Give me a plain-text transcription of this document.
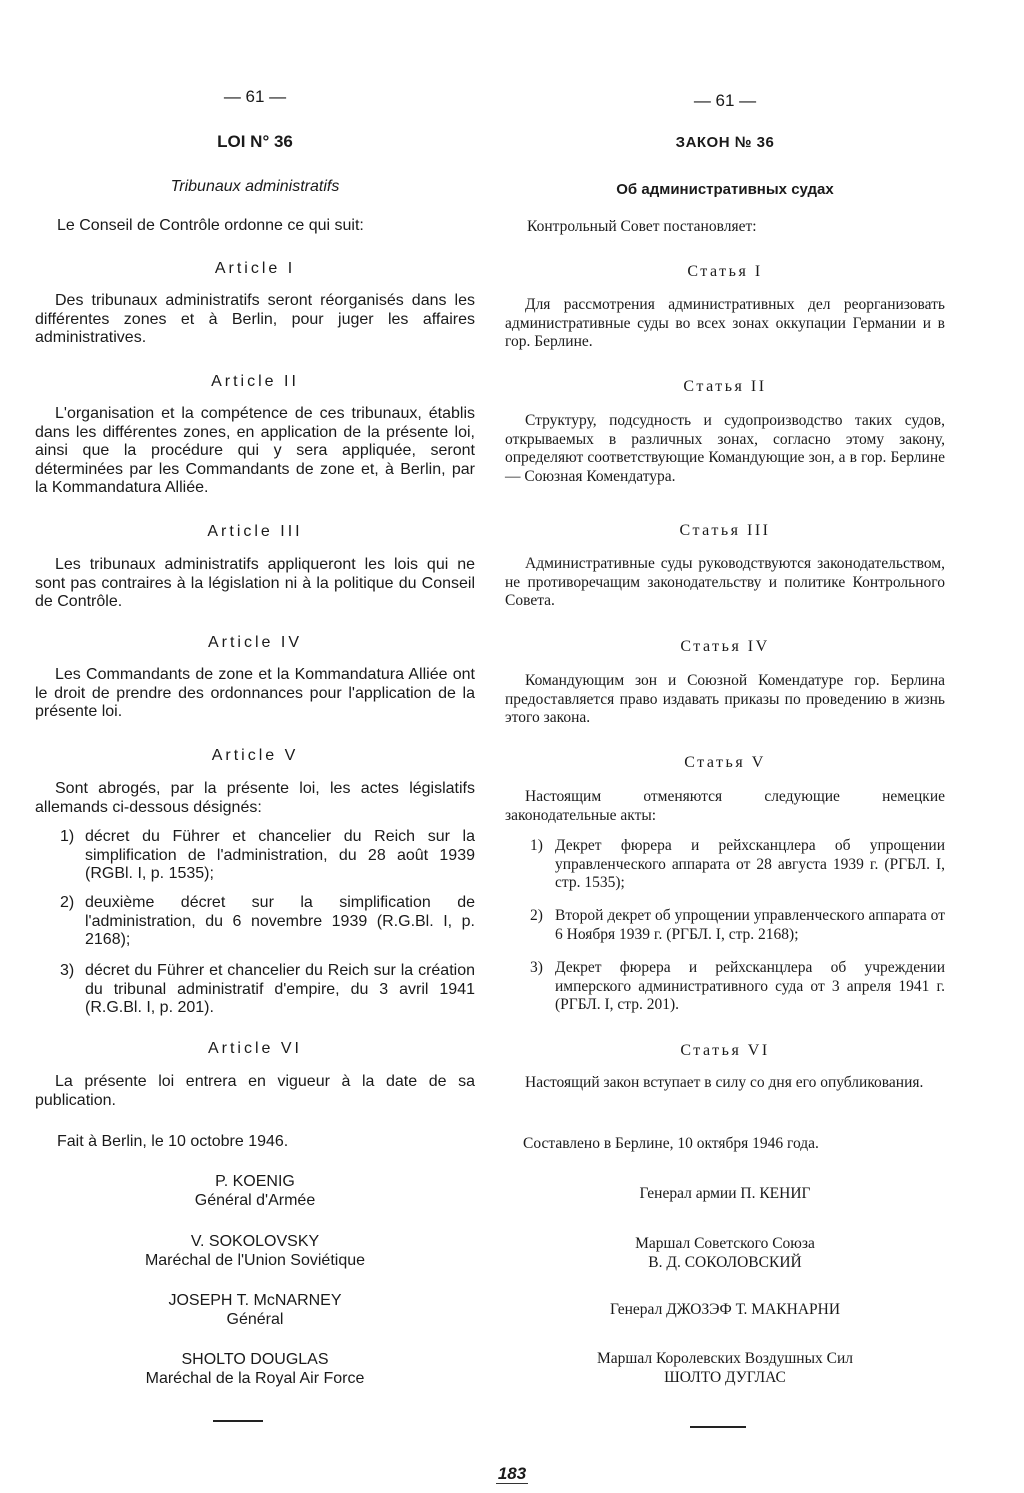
— 61 —
LOI N° 36
Tribunaux administratifs
Le Conseil de Contrôle ordonne ce qui suit:
Article I

Des tribunaux administratifs seront réorganisés dans les différentes zones et à Berlin, pour juger les affaires administratives.

Article II

L'organisation et la compétence de ces tribunaux, établis dans les différentes zones, en application de la présente loi, ainsi que la procédure qui y sera appliquée, seront déterminées par les Commandants de zone et, à Berlin, par la Kommandatura Alliée.

Article III

Les tribunaux administratifs appliqueront les lois qui ne sont pas contraires à la législation ni à la politique du Conseil de Contrôle.

Article IV

Les Commandants de zone et la Kommandatura Alliée ont le droit de prendre des ordonnances pour l'application de la présente loi.

Article V

Sont abrogés, par la présente loi, les actes législatifs allemands ci-dessous désignés:

1) décret du Führer et chancelier du Reich sur la simplification de l'administration, du 28 août 1939 (RGBl. I, p. 1535);
2) deuxième décret sur la simplification de l'administration, du 6 novembre 1939 (R.G.Bl. I, p. 2168);
3) décret du Führer et chancelier du Reich sur la création du tribunal administratif d'empire, du 3 avril 1941 (R.G.Bl. I, p. 201).
Article VI

La présente loi entrera en vigueur à la date de sa publication.

Fait à Berlin, le 10 octobre 1946.
P. KOENIG
Général d'Armée
V. SOKOLOVSKY
Maréchal de l'Union Soviétique
JOSEPH T. McNARNEY
Général
SHOLTO DOUGLAS
Maréchal de la Royal Air Force
— 61 —
ЗАКОН № 36
Об административных судах
Контрольный Совет постановляет:
Статья I

Для рассмотрения административных дел реорганизовать административные суды во всех зонах оккупации Германии и в гор. Берлине.

Статья II

Структуру, подсудность и судопроизводство таких судов, открываемых в различных зонах, согласно этому закону, определяют соответствующие Командующие зон, а в гор. Берлине — Союзная Комендатура.

Статья III

Административные суды руководствуются законодательством, не противоречащим законодательству и политике Контрольного Совета.

Статья IV

Командующим зон и Союзной Комендатуре гор. Берлина предоставляется право издавать приказы по проведению в жизнь этого закона.

Статья V

Настоящим отменяются следующие немецкие законодательные акты:

1) Декрет фюрера и рейхсканцлера об упрощении управленческого аппарата от 28 августа 1939 г. (РГБЛ. I, стр. 1535);
2) Второй декрет об упрощении управленческого аппарата от 6 Ноября 1939 г. (РГБЛ. I, стр. 2168);
3) Декрет фюрера и рейхсканцлера об учреждении имперского административного суда от 3 апреля 1941 г. (РГБЛ. I, стр. 201).
Статья VI

Настоящий закон вступает в силу со дня его опубликования.

Составлено в Берлине, 10 октября 1946 года.
Генерал армии П. КЕНИГ
Маршал Советского Союза
В. Д. СОКОЛОВСКИЙ
Генерал ДЖОЗЭФ Т. МАКНАРНИ
Маршал Королевских Воздушных Сил
ШОЛТО ДУГЛАС
183
